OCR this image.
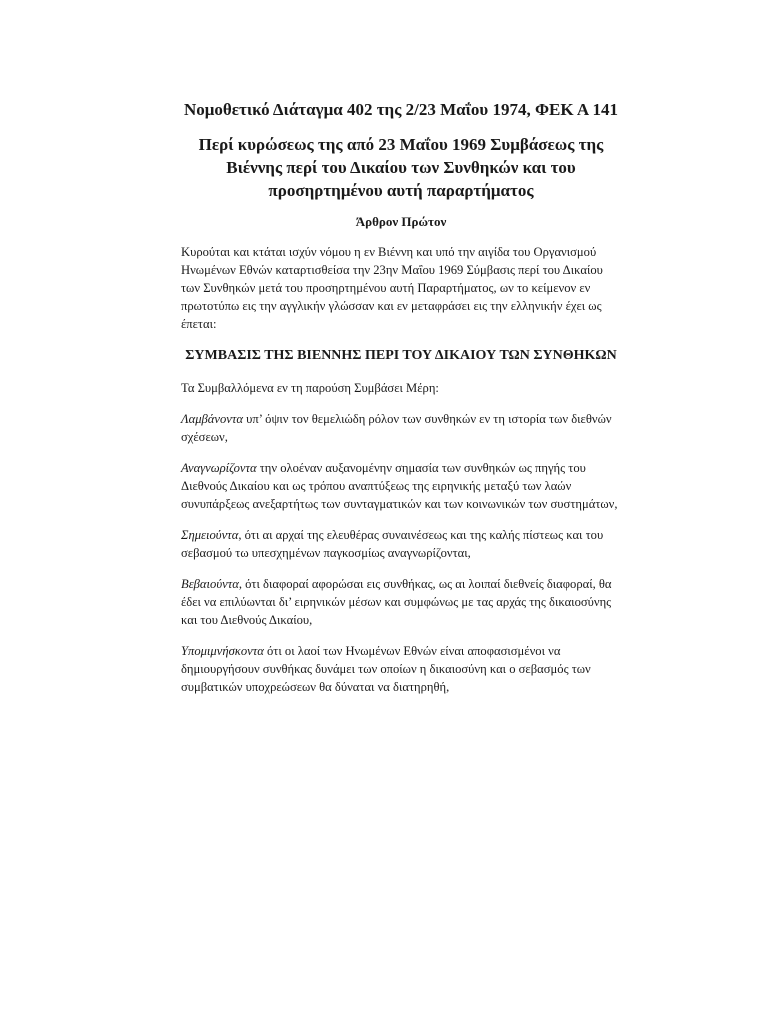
Νομοθετικό Διάταγμα 402 της 2/23 Μαΐου 1974, ΦΕΚ Α 141
Περί κυρώσεως της από 23 Μαΐου 1969 Συμβάσεως της Βιέννης περί του Δικαίου των Συνθηκών και του προσηρτημένου αυτή παραρτήματος
Άρθρον Πρώτον
Κυρούται και κτάται ισχύν νόμου η εν Βιέννη και υπό την αιγίδα του Οργανισμού Ηνωμένων Εθνών καταρτισθείσα την 23ην Μαΐου 1969 Σύμβασις περί του Δικαίου των Συνθηκών μετά του προσηρτημένου αυτή Παραρτήματος, ων το κείμενον εν πρωτοτύπω εις την αγγλικήν γλώσσαν και εν μεταφράσει εις την ελληνικήν έχει ως έπεται:
ΣΥΜΒΑΣΙΣ ΤΗΣ ΒΙΕΝΝΗΣ ΠΕΡΙ ΤΟΥ ΔΙΚΑΙΟΥ ΤΩΝ ΣΥΝΘΗΚΩΝ
Τα Συμβαλλόμενα εν τη παρούση Συμβάσει Μέρη:
Λαμβάνοντα υπ’ όψιν τον θεμελιώδη ρόλον των συνθηκών εν τη ιστορία των διεθνών σχέσεων,
Αναγνωρίζοντα την ολοέναν αυξανομένην σημασία των συνθηκών ως πηγής του Διεθνούς Δικαίου και ως τρόπου αναπτύξεως της ειρηνικής μεταξύ των λαών συνυπάρξεως ανεξαρτήτως των συνταγματικών και των κοινωνικών των συστημάτων,
Σημειούντα, ότι αι αρχαί της ελευθέρας συναινέσεως και της καλής πίστεως και του σεβασμού τω υπεσχημένων παγκοσμίως αναγνωρίζονται,
Βεβαιούντα, ότι διαφοραί αφορώσαι εις συνθήκας, ως αι λοιπαί διεθνείς διαφοραί, θα έδει να επιλύωνται δι’ ειρηνικών μέσων και συμφώνως με τας αρχάς της δικαιοσύνης και του Διεθνούς Δικαίου,
Υπομιμνήσκοντα ότι οι λαοί των Ηνωμένων Εθνών είναι αποφασισμένοι να δημιουργήσουν συνθήκας δυνάμει των οποίων η δικαιοσύνη και ο σεβασμός των συμβατικών υποχρεώσεων θα δύναται να διατηρηθή,
